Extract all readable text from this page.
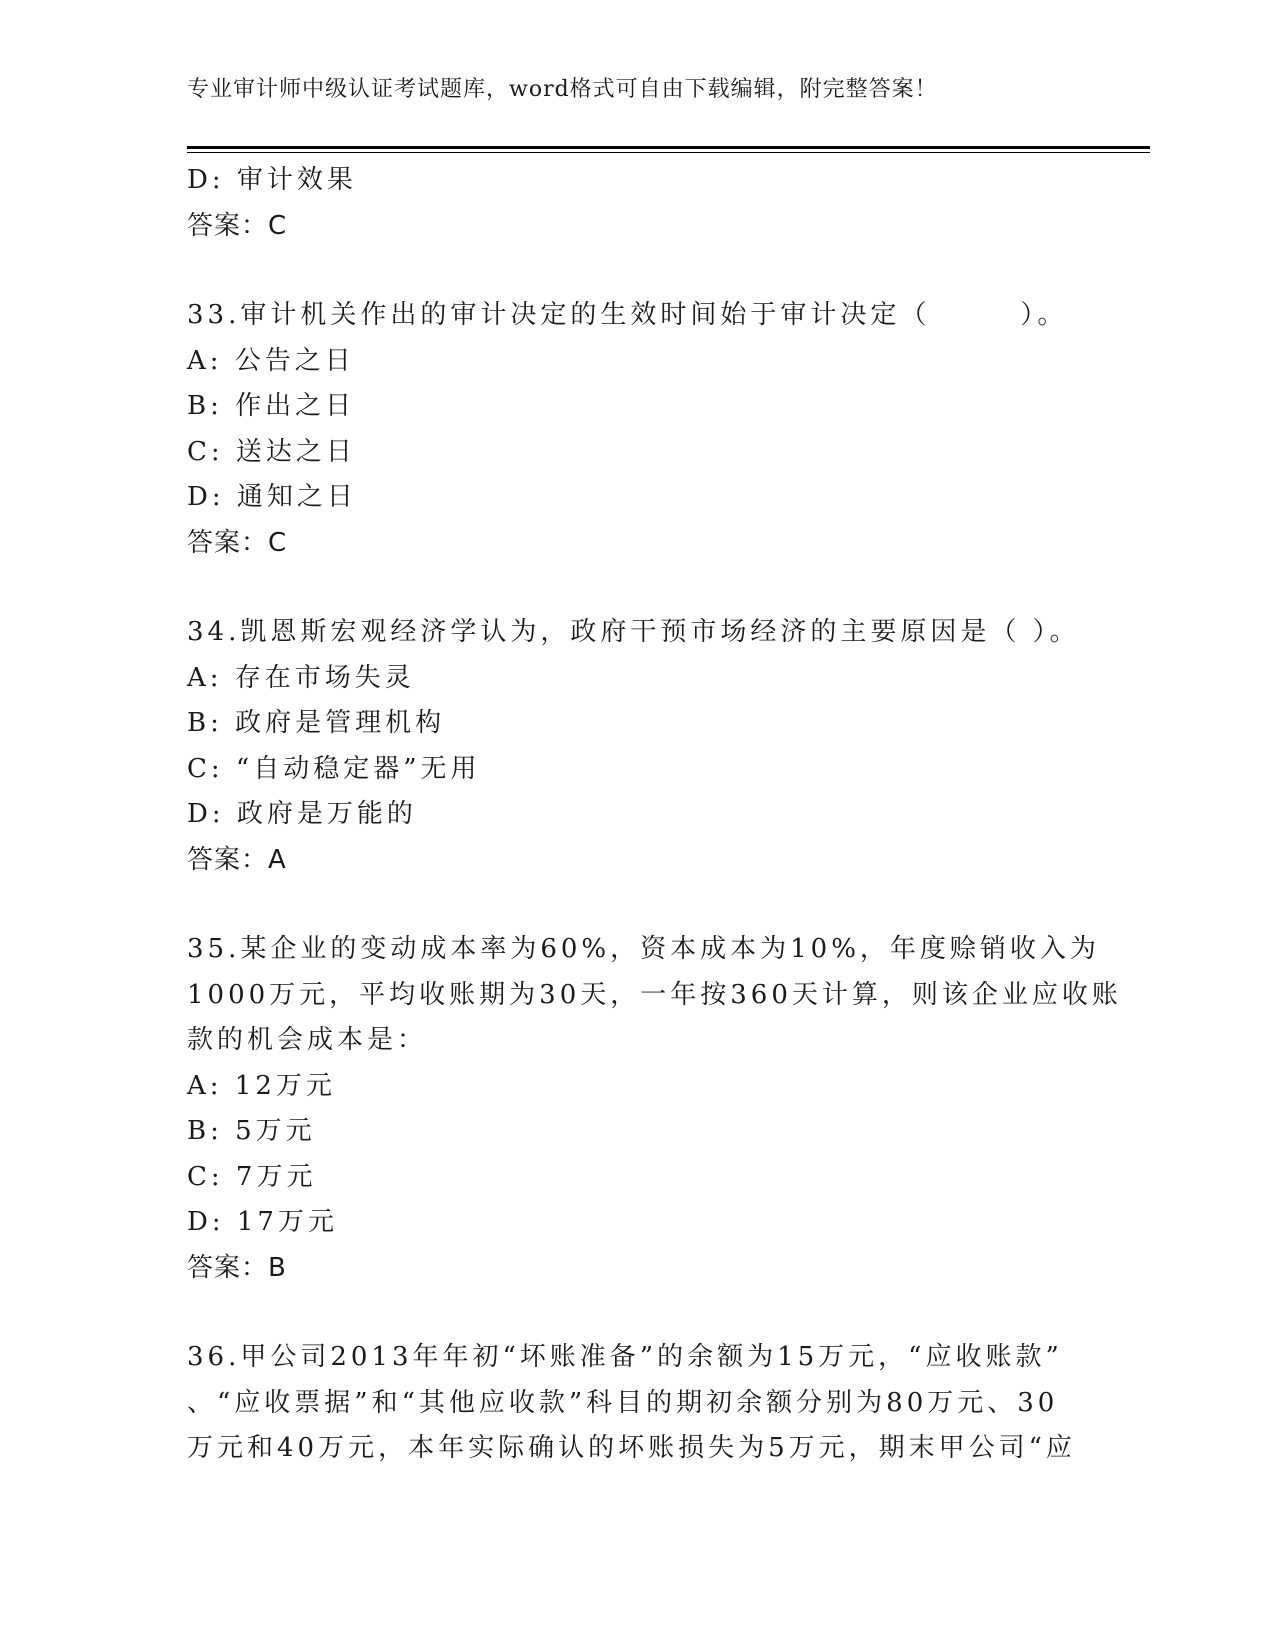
专业审计师中级认证考试题库，word格式可自由下载编辑，附完整答案！
D: 审计效果
答案：C
33.审计机关作出的审计决定的生效时间始于审计决定（　　　）。
A: 公告之日
B: 作出之日
C: 送达之日
D: 通知之日
答案：C
34.凯恩斯宏观经济学认为，政府干预市场经济的主要原因是（ ）。
A: 存在市场失灵
B: 政府是管理机构
C: “自动稳定器”无用
D: 政府是万能的
答案：A
35.某企业的变动成本率为60%，资本成本为10%，年度赊销收入为
1000万元，平均收账期为30天，一年按360天计算，则该企业应收账
款的机会成本是：
A: 12万元
B: 5万元
C: 7万元
D: 17万元
答案：B
36.甲公司2013年年初“坏账准备”的余额为15万元，“应收账款”
、“应收票据”和“其他应收款”科目的期初余额分别为80万元、30
万元和40万元，本年实际确认的坏账损失为5万元，期末甲公司“应
